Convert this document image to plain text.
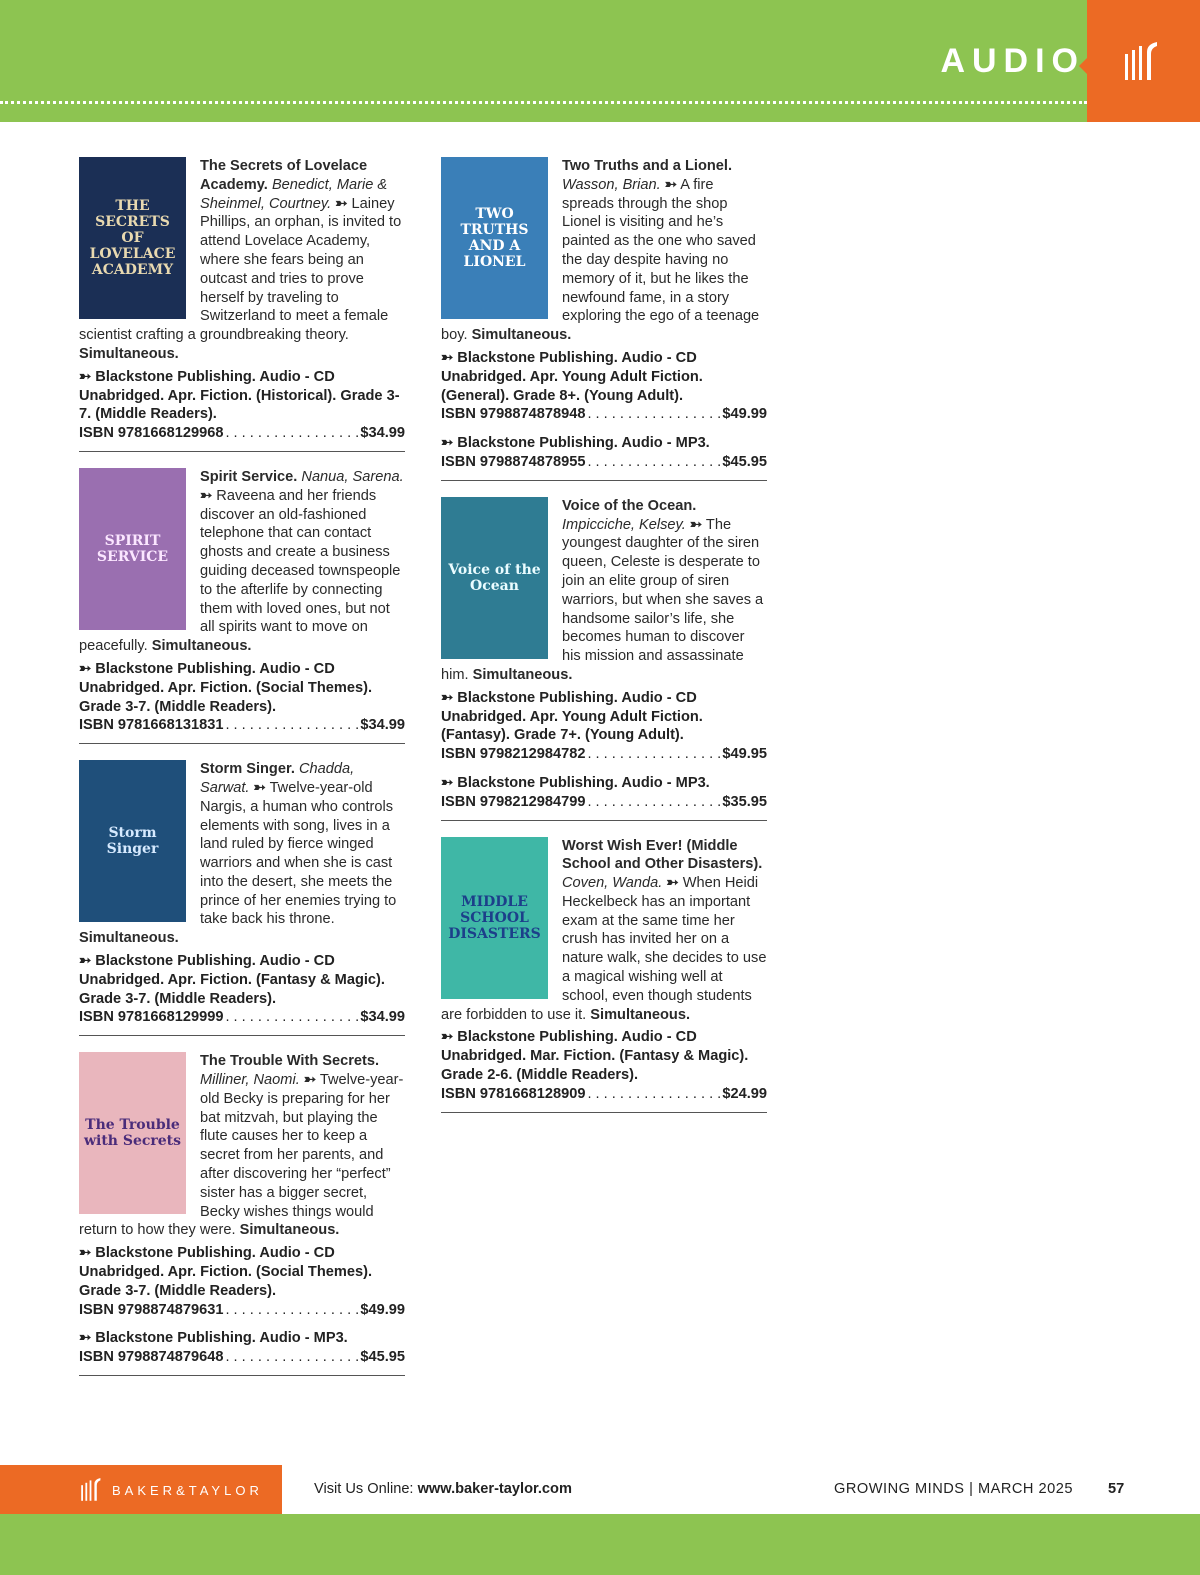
AUDIO
THE SECRETS OF LOVELACE ACADEMY

The Secrets of Lovelace Academy. Benedict, Marie & Sheinmel, Courtney. ➳ Lainey Phillips, an orphan, is invited to attend Lovelace Academy, where she fears being an outcast and tries to prove herself by traveling to Switzerland to meet a female scientist crafting a groundbreaking theory. Simultaneous.

➳ Blackstone Publishing. Audio - CD Unabridged. Apr. Fiction. (Historical). Grade 3-7. (Middle Readers).
ISBN 9781668129968 . . .	$34.99
SPIRIT SERVICE

Spirit Service. Nanua, Sarena. ➳ Raveena and her friends discover an old-fashioned telephone that can contact ghosts and create a business guiding deceased townspeople to the afterlife by connecting them with loved ones, but not all spirits want to move on peacefully. Simultaneous.

➳ Blackstone Publishing. Audio - CD Unabridged. Apr. Fiction. (Social Themes). Grade 3-7. (Middle Readers).
ISBN 9781668131831 . . .	$34.99
Storm Singer

Storm Singer. Chadda, Sarwat. ➳ Twelve-year-old Nargis, a human who controls elements with song, lives in a land ruled by fierce winged warriors and when she is cast into the desert, she meets the prince of her enemies trying to take back his throne. Simultaneous.

➳ Blackstone Publishing. Audio - CD Unabridged. Apr. Fiction. (Fantasy & Magic). Grade 3-7. (Middle Readers).
ISBN 9781668129999 . . .	$34.99
The Trouble with Secrets

The Trouble With Secrets. Milliner, Naomi. ➳ Twelve-year-old Becky is preparing for her bat mitzvah, but playing the flute causes her to keep a secret from her parents, and after discovering her “perfect” sister has a bigger secret, Becky wishes things would return to how they were. Simultaneous.

➳ Blackstone Publishing. Audio - CD Unabridged. Apr. Fiction. (Social Themes). Grade 3-7. (Middle Readers).
ISBN 9798874879631 . . .	$49.99
➳ Blackstone Publishing. Audio - MP3.
ISBN 9798874879648 . . .	$45.95
TWO TRUTHS AND A LIONEL

Two Truths and a Lionel. Wasson, Brian. ➳ A fire spreads through the shop Lionel is visiting and he’s painted as the one who saved the day despite having no memory of it, but he likes the newfound fame, in a story exploring the ego of a teenage boy. Simultaneous.

➳ Blackstone Publishing. Audio - CD Unabridged. Apr. Young Adult Fiction. (General). Grade 8+. (Young Adult).
ISBN 9798874878948 . . .	$49.99
➳ Blackstone Publishing. Audio - MP3.
ISBN 9798874878955 . . .	$45.95
Voice of the Ocean

Voice of the Ocean. Impicciche, Kelsey. ➳ The youngest daughter of the siren queen, Celeste is desperate to join an elite group of siren warriors, but when she saves a handsome sailor’s life, she becomes human to discover his mission and assassinate him. Simultaneous.

➳ Blackstone Publishing. Audio - CD Unabridged. Apr. Young Adult Fiction. (Fantasy). Grade 7+. (Young Adult).
ISBN 9798212984782 . . .	$49.95
➳ Blackstone Publishing. Audio - MP3.
ISBN 9798212984799 . . .	$35.95
MIDDLE SCHOOL DISASTERS

Worst Wish Ever! (Middle School and Other Disasters). Coven, Wanda. ➳ When Heidi Heckelbeck has an important exam at the same time her crush has invited her on a nature walk, she decides to use a magical wishing well at school, even though students are forbidden to use it. Simultaneous.

➳ Blackstone Publishing. Audio - CD Unabridged. Mar. Fiction. (Fantasy & Magic). Grade 2-6. (Middle Readers).
ISBN 9781668128909 . . .	$24.99
BAKER&TAYLOR	Visit Us Online: www.baker-taylor.com	GROWING MINDS | MARCH 2025 57
